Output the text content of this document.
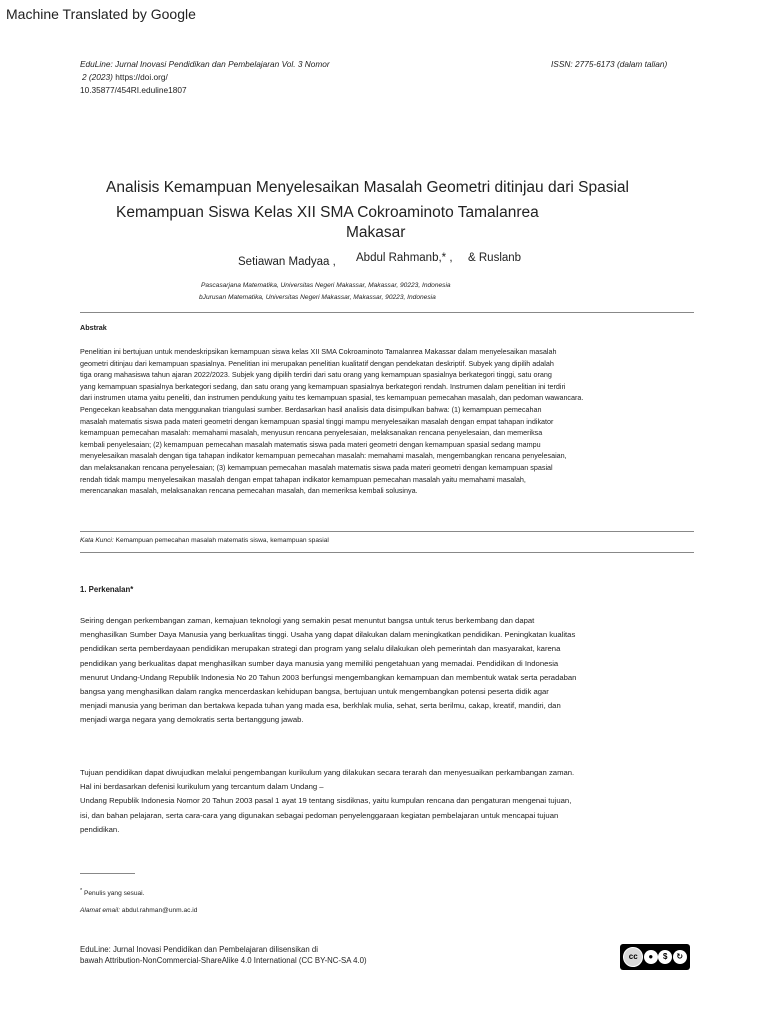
Machine Translated by Google
EduLine: Jurnal Inovasi Pendidikan dan Pembelajaran Vol. 3 Nomor
2 (2023) https://doi.org/
10.35877/454RI.eduline1807
ISSN: 2775-6173 (dalam talian)
Analisis Kemampuan Menyelesaikan Masalah Geometri ditinjau dari Spasial
Kemampuan Siswa Kelas XII SMA Cokroaminoto Tamalanrea
Makasar
Setiawan Madyaa , Abdul Rahmanb,* , & Ruslanb
Pascasarjana Matematika, Universitas Negeri Makassar, Makassar, 90223, Indonesia
bJurusan Matematika, Universitas Negeri Makassar, Makassar, 90223, Indonesia
Abstrak
Penelitian ini bertujuan untuk mendeskripsikan kemampuan siswa kelas XII SMA Cokroaminoto Tamalanrea Makassar dalam menyelesaikan masalah
geometri ditinjau dari kemampuan spasialnya. Penelitian ini merupakan penelitian kualitatif dengan pendekatan deskriptif. Subyek yang dipilih adalah
tiga orang mahasiswa tahun ajaran 2022/2023. Subjek yang dipilih terdiri dari satu orang yang kemampuan spasialnya berkategori tinggi, satu orang
yang kemampuan spasialnya berkategori sedang, dan satu orang yang kemampuan spasialnya berkategori rendah. Instrumen dalam penelitian ini terdiri
dari instrumen utama yaitu peneliti, dan instrumen pendukung yaitu tes kemampuan spasial, tes kemampuan pemecahan masalah, dan pedoman wawancara.
Pengecekan keabsahan data menggunakan triangulasi sumber. Berdasarkan hasil analisis data disimpulkan bahwa: (1) kemampuan pemecahan
masalah matematis siswa pada materi geometri dengan kemampuan spasial tinggi mampu menyelesaikan masalah dengan empat tahapan indikator
kemampuan pemecahan masalah: memahami masalah, menyusun rencana penyelesaian, melaksanakan rencana penyelesaian, dan memeriksa
kembali penyelesaian; (2) kemampuan pemecahan masalah matematis siswa pada materi geometri dengan kemampuan spasial sedang mampu
menyelesaikan masalah dengan tiga tahapan indikator kemampuan pemecahan masalah: memahami masalah, mengembangkan rencana penyelesaian,
dan melaksanakan rencana penyelesaian; (3) kemampuan pemecahan masalah matematis siswa pada materi geometri dengan kemampuan spasial
rendah tidak mampu menyelesaikan masalah dengan empat tahapan indikator kemampuan pemecahan masalah yaitu memahami masalah,
merencanakan masalah, melaksanakan rencana pemecahan masalah, dan memeriksa kembali solusinya.
Kata Kunci: Kemampuan pemecahan masalah matematis siswa, kemampuan spasial
1. Perkenalan*
Seiring dengan perkembangan zaman, kemajuan teknologi yang semakin pesat menuntut bangsa untuk terus berkembang dan dapat
menghasilkan Sumber Daya Manusia yang berkualitas tinggi. Usaha yang dapat dilakukan dalam meningkatkan pendidikan. Peningkatan kualitas
pendidikan serta pemberdayaan pendidikan merupakan strategi dan program yang selalu dilakukan oleh pemerintah dan masyarakat, karena
pendidikan yang berkualitas dapat menghasilkan sumber daya manusia yang memiliki pengetahuan yang memadai. Pendidikan di Indonesia
menurut Undang-Undang Republik Indonesia No 20 Tahun 2003 berfungsi mengembangkan kemampuan dan membentuk watak serta peradaban
bangsa yang menghasilkan dalam rangka mencerdaskan kehidupan bangsa, bertujuan untuk mengembangkan potensi peserta didik agar
menjadi manusia yang beriman dan bertakwa kepada tuhan yang mada esa, berkhlak mulia, sehat, serta berilmu, cakap, kreatif, mandiri, dan
menjadi warga negara yang demokratis serta bertanggung jawab.
Tujuan pendidikan dapat diwujudkan melalui pengembangan kurikulum yang dilakukan secara terarah dan menyesuaikan perkambangan zaman.
Hal ini berdasarkan defenisi kurikulum yang tercantum dalam Undang –
Undang Republik Indonesia Nomor 20 Tahun 2003 pasal 1 ayat 19 tentang sisdiknas, yaitu kumpulan rencana dan pengaturan mengenai tujuan,
isi, dan bahan pelajaran, serta cara-cara yang digunakan sebagai pedoman penyelenggaraan kegiatan pembelajaran untuk mencapai tujuan
pendidikan.
* Penulis yang sesuai.
Alamat email: abdul.rahman@unm.ac.id
EduLine: Jurnal Inovasi Pendidikan dan Pembelajaran dilisensikan di
bawah Attribution-NonCommercial-ShareAlike 4.0 International (CC BY-NC-SA 4.0)	cc	●	$	↻
